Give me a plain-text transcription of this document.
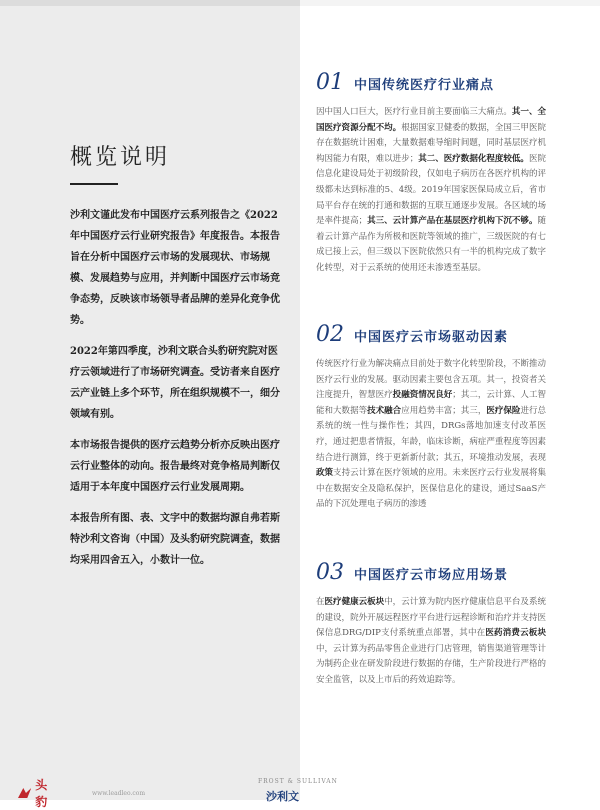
概览说明

沙利文谨此发布中国医疗云系列报告之《2022年中国医疗云行业研究报告》年度报告。本报告旨在分析中国医疗云市场的发展现状、市场规模、发展趋势与应用，并判断中国医疗云市场竞争态势，反映该市场领导者品牌的差异化竞争优势。

2022年第四季度，沙利文联合头豹研究院对医疗云领域进行了市场研究调查。受访者来自医疗云产业链上多个环节，所在组织规模不一，细分领域有别。

本市场报告提供的医疗云趋势分析亦反映出医疗云行业整体的动向。报告最终对竞争格局判断仅适用于本年度中国医疗云行业发展周期。

本报告所有图、表、文字中的数据均源自弗若斯特沙利文咨询（中国）及头豹研究院调查，数据均采用四舍五入，小数计一位。

01 中国传统医疗行业痛点
因中国人口巨大，医疗行业目前主要面临三大痛点。其一、全国医疗资源分配不均。根据国家卫健委的数据，全国三甲医院存在数据统计困难，大量数据难导缩时间题，同时基层医疗机构因能力有限，难以进步；其二、医疗数据化程度较低。医院信息化建设局处于初级阶段，仅如电子病历在各医疗机构的评级都未达到标准的5、4级。2019年国家医保局成立后，省市局平台存在统的打通和数据的互联互通逐步发展。各区域的场是率件提高；其三、云计算产品在基层医疗机构下沉不够。随着云计算产品作为所极和医院等领域的推广，三级医院的有七成已接上云，但三级以下医院依然只有一半的机构完成了数字化转型，对于云系统的使用还未渗透至基层。
02 中国医疗云市场驱动因素
传统医疗行业为解决痛点目前处于数字化转型阶段，不断推动医疗云行业的发展。驱动因素主要包含五项。其一，投资者关注度提升，智慧医疗投融资情况良好；其二，云计算、人工智能和大数据等技术融合应用趋势丰富；其三，医疗保险进行总系统的统一性与操作性；其四，DRGs落地加速支付改革医疗，通过把患者情报，年龄，临床诊断，病症严重程度等因素结合进行测算，终于更新新付款；其五，环境推动发展，表现政策支持云计算在医疗领域的应用。未来医疗云行业发展将集中在数据安全及隐私保护，医保信息化的建设，通过SaaS产品的下沉处理电子病历的渗透
03 中国医疗云市场应用场景
在医疗健康云板块中，云计算为院内医疗健康信息平台及系统的建设，院外开展远程医疗平台进行远程诊断和治疗并支持医保信息DRG/DIP支付系统重点部署，其中在医药消费云板块中，云计算为药品零售企业进行门店管理，销售渠道管理等计为制药企业在研发阶段进行数据的存储，生产阶段进行严格的安全监管，以及上市后的药效追踪等。
头豹
www.leadleo.com
FROST & SULLIVAN
沙利文
